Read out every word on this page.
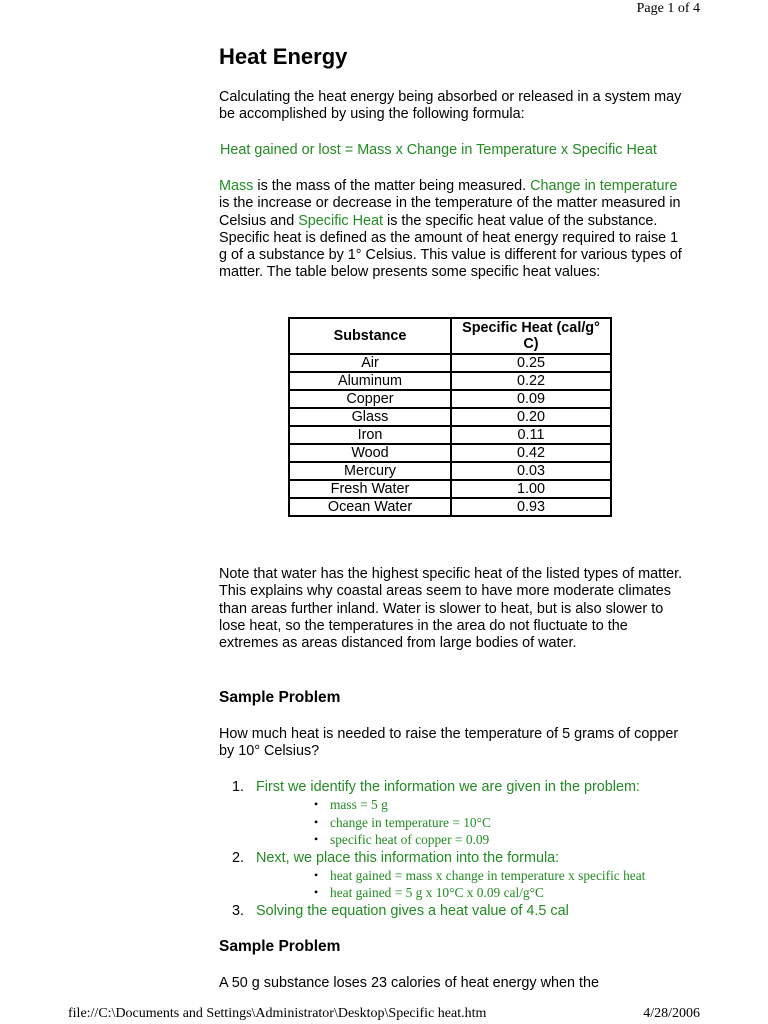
Page 1 of 4
Heat Energy

Calculating the heat energy being absorbed or released in a system may be accomplished by using the following formula:

Heat gained or lost = Mass x Change in Temperature x Specific Heat

Mass is the mass of the matter being measured. Change in temperature is the increase or decrease in the temperature of the matter measured in Celsius and Specific Heat is the specific heat value of the substance. Specific heat is defined as the amount of heat energy required to raise 1 g of a substance by 1° Celsius. This value is different for various types of matter. The table below presents some specific heat values:

Substance	Specific Heat (cal/g° C)
Air	0.25
Aluminum	0.22
Copper	0.09
Glass	0.20
Iron	0.11
Wood	0.42
Mercury	0.03
Fresh Water	1.00
Ocean Water	0.93

Note that water has the highest specific heat of the listed types of matter. This explains why coastal areas seem to have more moderate climates than areas further inland. Water is slower to heat, but is also slower to lose heat, so the temperatures in the area do not fluctuate to the extremes as areas distanced from large bodies of water.

Sample Problem

How much heat is needed to raise the temperature of 5 grams of copper by 10° Celsius?

1. First we identify the information we are given in the problem:
• mass = 5 g
• change in temperature = 10°C
• specific heat of copper = 0.09
2. Next, we place this information into the formula:
• heat gained = mass x change in temperature x specific heat
• heat gained = 5 g x 10°C x 0.09 cal/g°C
3. Solving the equation gives a heat value of 4.5 cal
Sample Problem

A 50 g substance loses 23 calories of heat energy when the

file://C:\Documents and Settings\Administrator\Desktop\Specific heat.htm	4/28/2006
